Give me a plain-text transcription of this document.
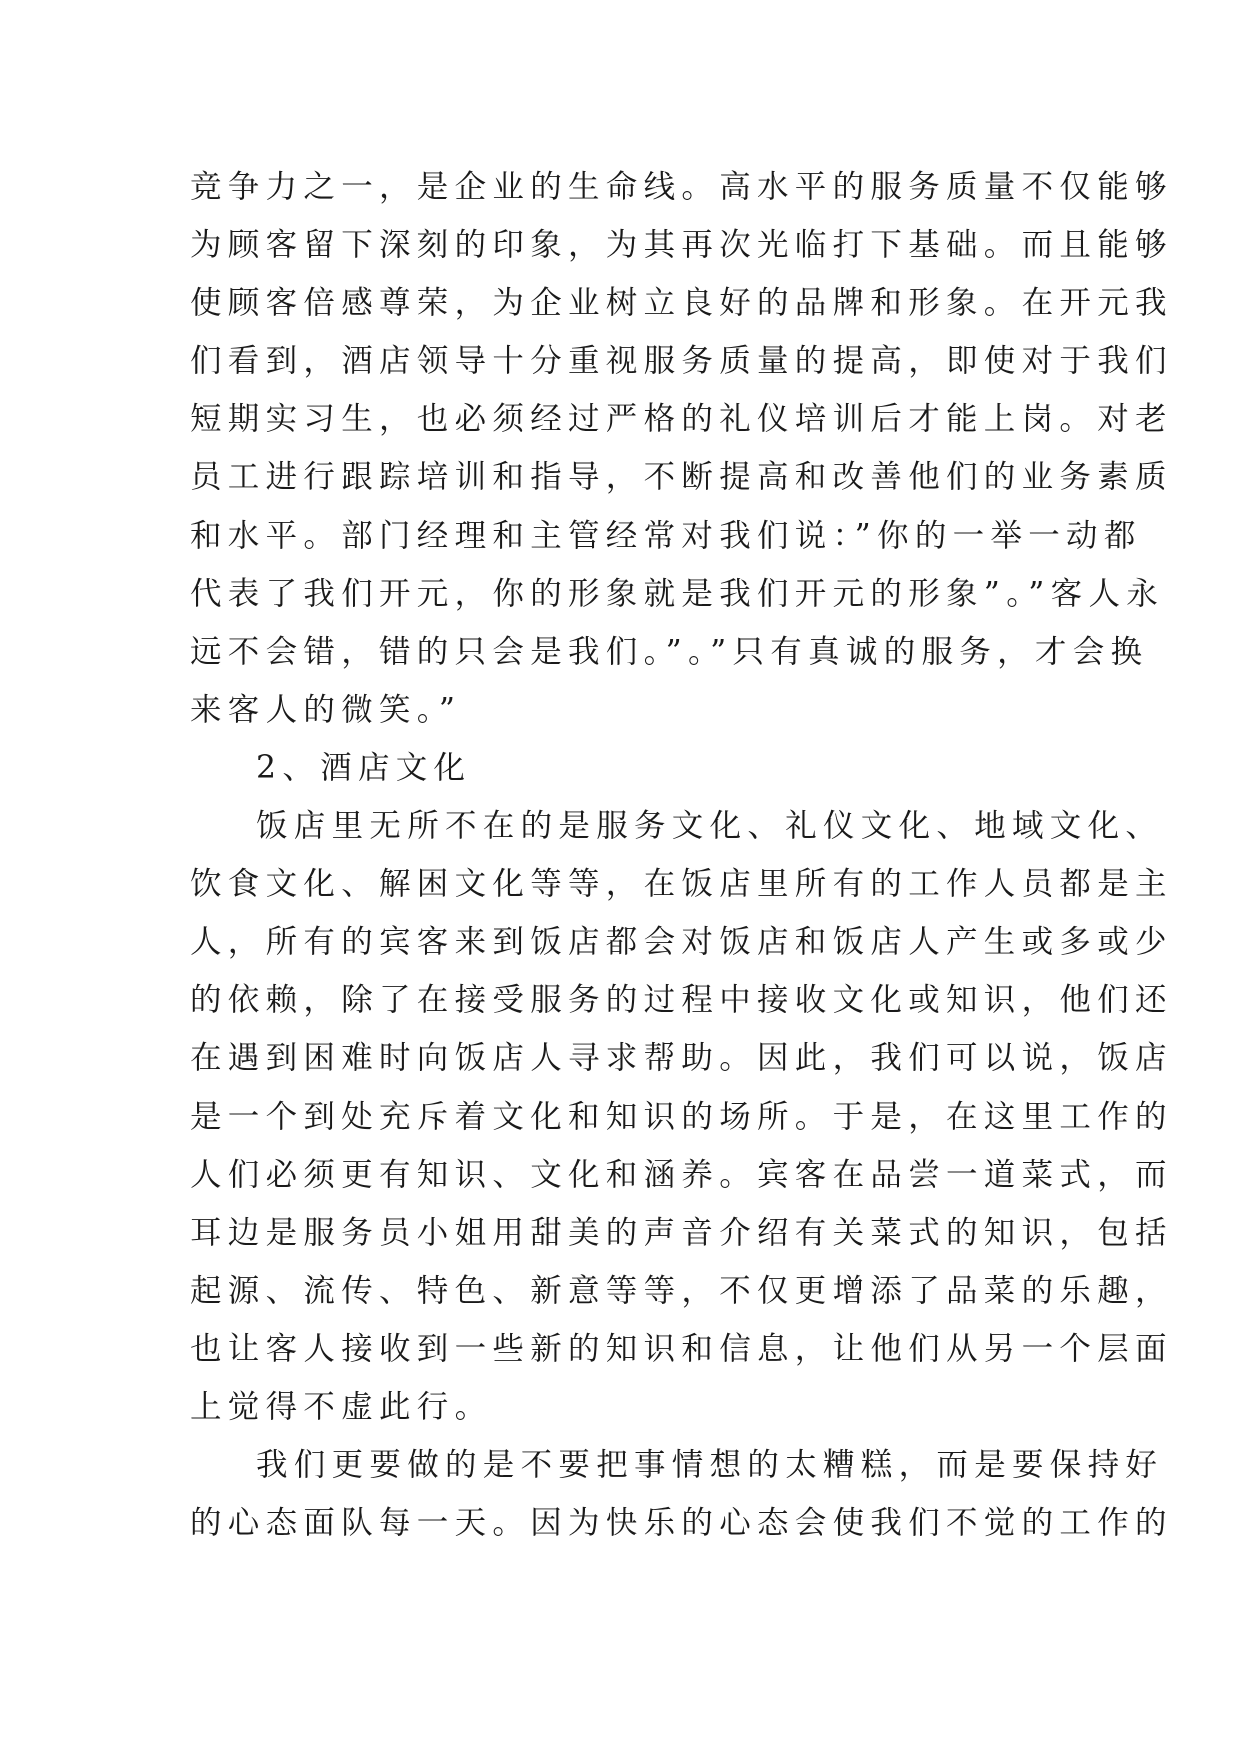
竞争力之一，是企业的生命线。高水平的服务质量不仅能够
为顾客留下深刻的印象，为其再次光临打下基础。而且能够
使顾客倍感尊荣，为企业树立良好的品牌和形象。在开元我
们看到，酒店领导十分重视服务质量的提高，即使对于我们
短期实习生，也必须经过严格的礼仪培训后才能上岗。对老
员工进行跟踪培训和指导，不断提高和改善他们的业务素质
和水平。部门经理和主管经常对我们说：”你的一举一动都
代表了我们开元，你的形象就是我们开元的形象”。”客人永
远不会错，错的只会是我们。”。”只有真诚的服务，才会换
来客人的微笑。”
2、酒店文化
饭店里无所不在的是服务文化、礼仪文化、地域文化、
饮食文化、解困文化等等，在饭店里所有的工作人员都是主
人，所有的宾客来到饭店都会对饭店和饭店人产生或多或少
的依赖，除了在接受服务的过程中接收文化或知识，他们还
在遇到困难时向饭店人寻求帮助。因此，我们可以说，饭店
是一个到处充斥着文化和知识的场所。于是，在这里工作的
人们必须更有知识、文化和涵养。宾客在品尝一道菜式，而
耳边是服务员小姐用甜美的声音介绍有关菜式的知识，包括
起源、流传、特色、新意等等，不仅更增添了品菜的乐趣，
也让客人接收到一些新的知识和信息，让他们从另一个层面
上觉得不虚此行。
我们更要做的是不要把事情想的太糟糕，而是要保持好
的心态面队每一天。因为快乐的心态会使我们不觉的工作的
